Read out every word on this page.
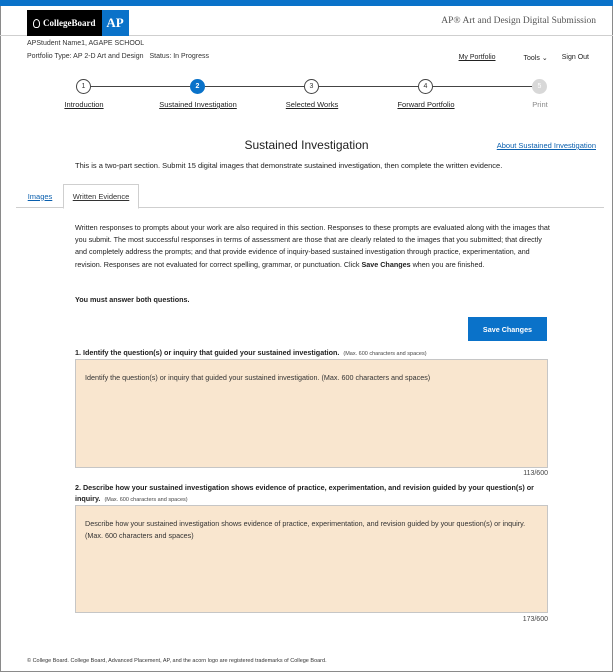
CollegeBoard AP	AP® Art and Design Digital Submission
APStudent Name1, AGAPE SCHOOL
Portfolio Type: AP 2-D Art and Design Status: In Progress	My Portfolio	Tools ⌄ Sign Out
1	2	3	4	5
Introduction	Sustained Investigation	Selected Works	Forward Portfolio	Print
Sustained Investigation	About Sustained Investigation
This is a two-part section. Submit 15 digital images that demonstrate sustained investigation, then complete the written evidence.
Images	Written Evidence
Written responses to prompts about your work are also required in this section. Responses to these prompts are evaluated along with the images that you submit. The most successful responses in terms of assessment are those that are clearly related to the images that you submitted; that directly and completely address the prompts; and that provide evidence of inquiry-based sustained investigation through practice, experimentation, and revision. Responses are not evaluated for correct spelling, grammar, or punctuation. Click Save Changes when you are finished.
You must answer both questions.
Save Changes
1. Identify the question(s) or inquiry that guided your sustained investigation. (Max. 600 characters and spaces)
Identify the question(s) or inquiry that guided your sustained investigation. (Max. 600 characters and spaces)
113/600
2. Describe how your sustained investigation shows evidence of practice, experimentation, and revision guided by your question(s) or inquiry. (Max. 600 characters and spaces)
Describe how your sustained investigation shows evidence of practice, experimentation, and revision guided by your question(s) or inquiry. (Max. 600 characters and spaces)
173/600
© College Board. College Board, Advanced Placement, AP, and the acorn logo are registered trademarks of College Board.
